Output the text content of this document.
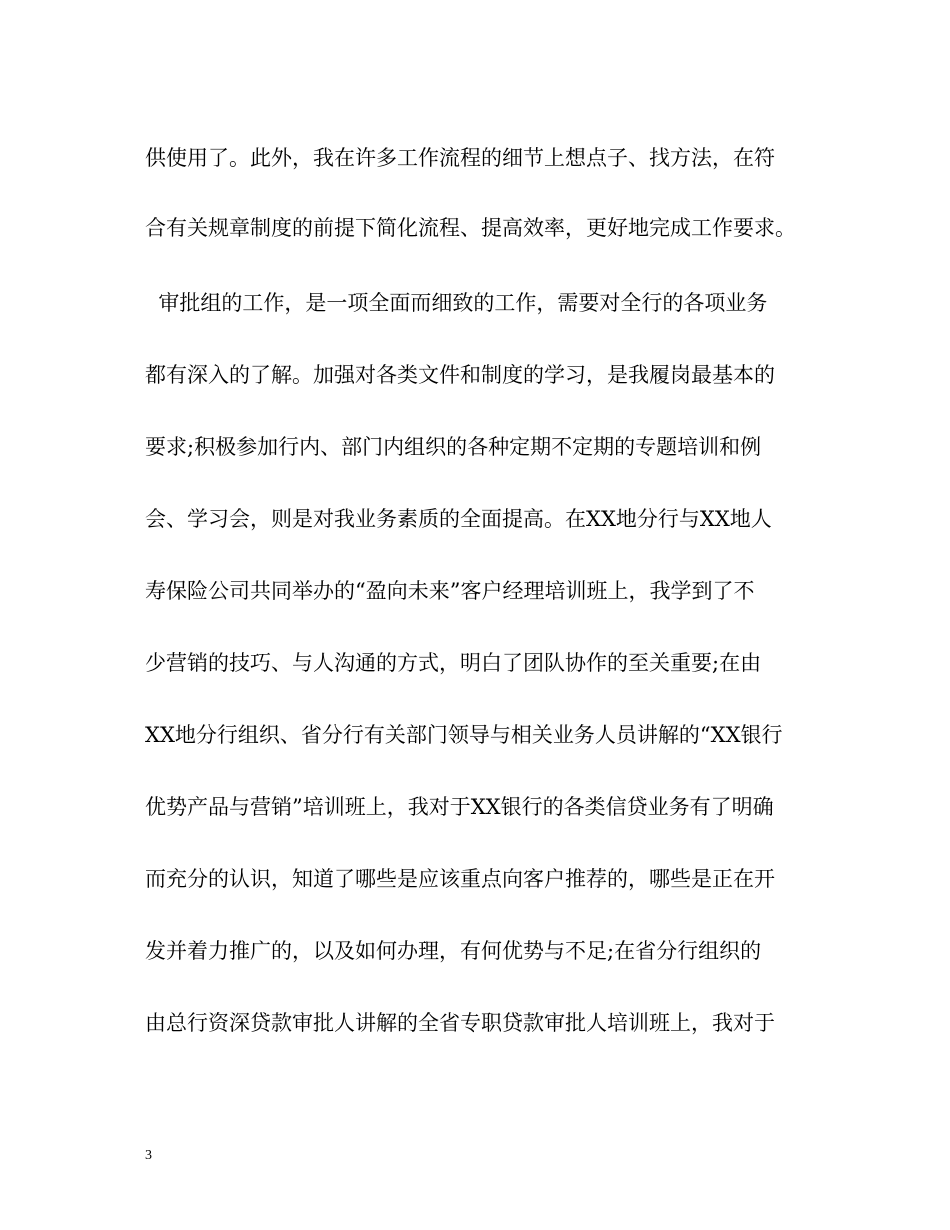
供使用了。此外，我在许多工作流程的细节上想点子、找方法，在符
合有关规章制度的前提下简化流程、提高效率，更好地完成工作要求。
审批组的工作，是一项全面而细致的工作，需要对全行的各项业务
都有深入的了解。加强对各类文件和制度的学习，是我履岗最基本的
要求;积极参加行内、部门内组织的各种定期不定期的专题培训和例
会、学习会，则是对我业务素质的全面提高。在XX地分行与XX地人
寿保险公司共同举办的“盈向未来”客户经理培训班上，我学到了不
少营销的技巧、与人沟通的方式，明白了团队协作的至关重要;在由
XX地分行组织、省分行有关部门领导与相关业务人员讲解的“XX银行
优势产品与营销”培训班上，我对于XX银行的各类信贷业务有了明确
而充分的认识，知道了哪些是应该重点向客户推荐的，哪些是正在开
发并着力推广的，以及如何办理，有何优势与不足;在省分行组织的
由总行资深贷款审批人讲解的全省专职贷款审批人培训班上，我对于
3
